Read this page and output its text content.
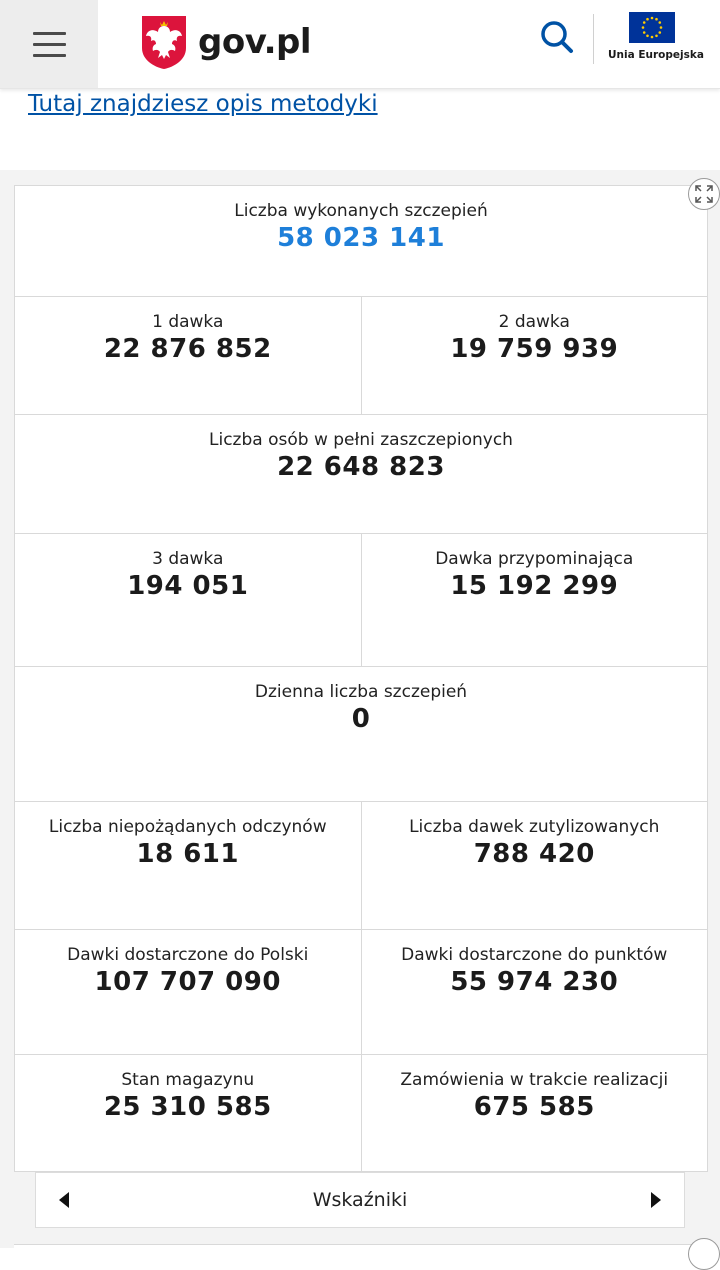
gov.pl	Unia Europejska
Tutaj znajdziesz opis metodyki
Liczba wykonanych szczepień
58 023 141
1 dawka
22 876 852
2 dawka
19 759 939
Liczba osób w pełni zaszczepionych
22 648 823
3 dawka
194 051
Dawka przypominająca
15 192 299
Dzienna liczba szczepień
0
Liczba niepożądanych odczynów
18 611
Liczba dawek zutylizowanych
788 420
Dawki dostarczone do Polski
107 707 090
Dawki dostarczone do punktów
55 974 230
Stan magazynu
25 310 585
Zamówienia w trakcie realizacji
675 585
Wskaźniki
